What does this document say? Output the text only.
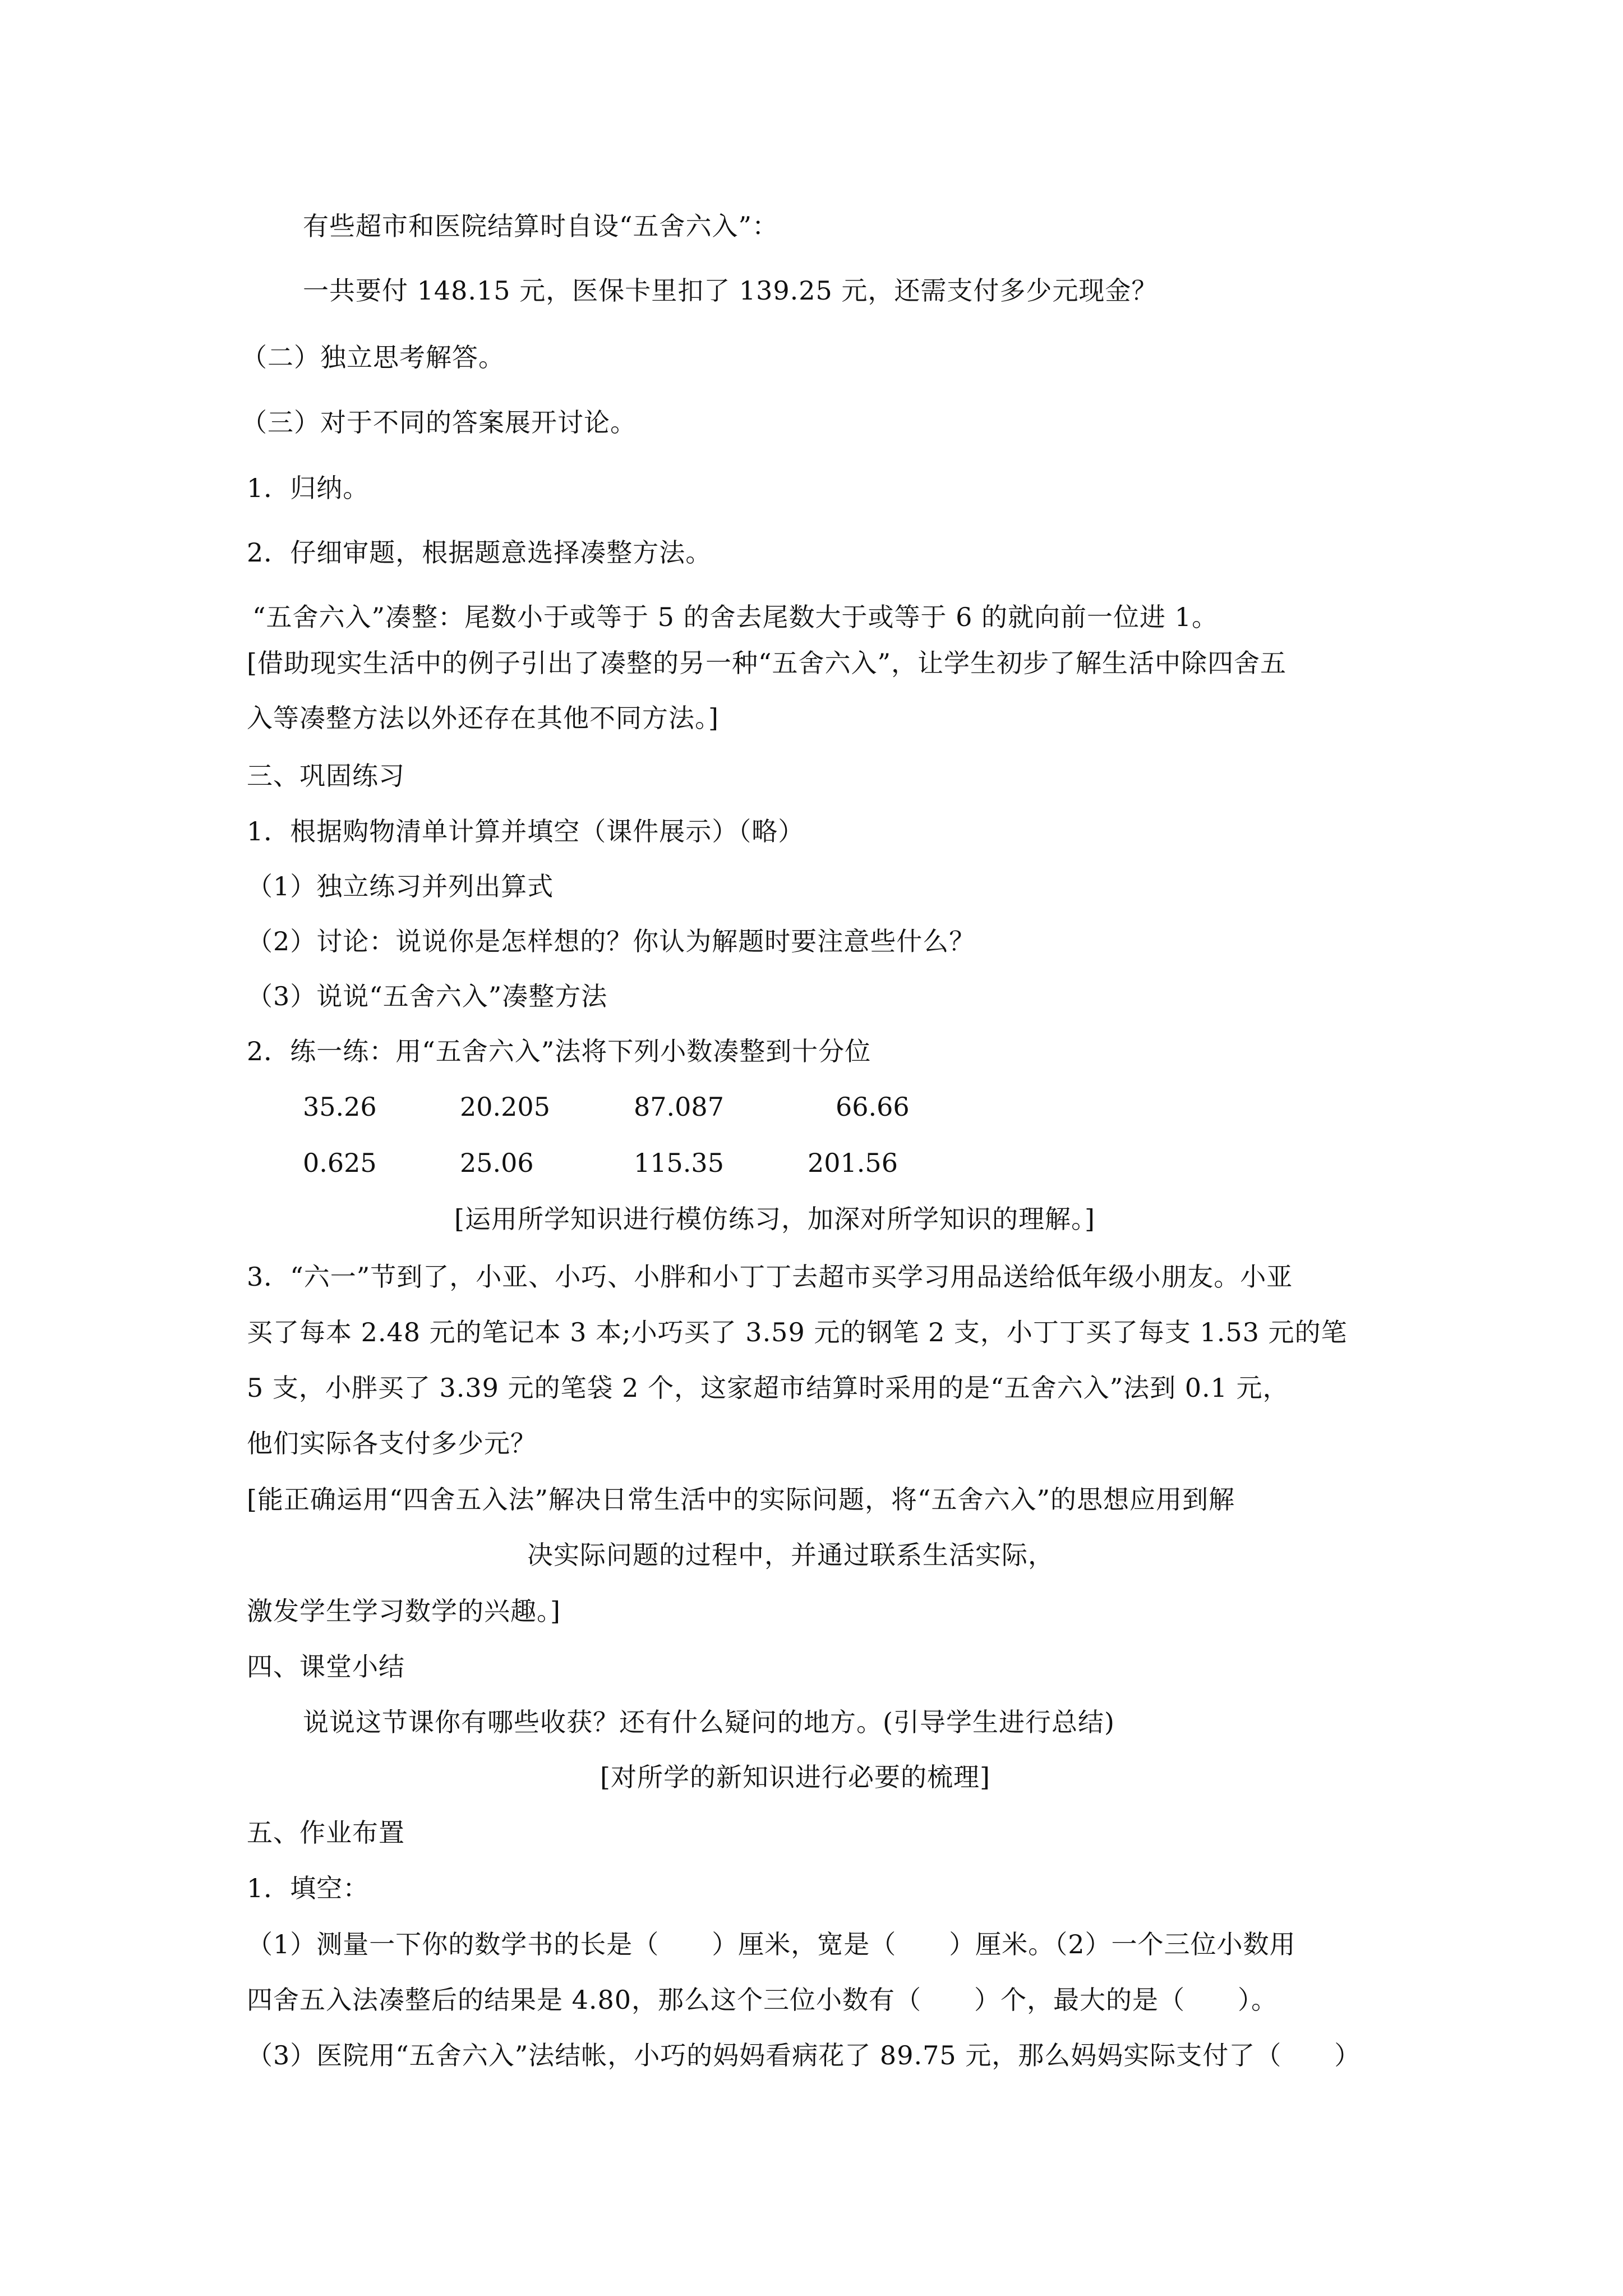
有些超市和医院结算时自设“五舍六入”：
一共要付 148.15 元，医保卡里扣了 139.25 元，还需支付多少元现金？
（二）独立思考解答。
（三）对于不同的答案展开讨论。
1．归纳。
2．仔细审题，根据题意选择凑整方法。
“五舍六入”凑整：尾数小于或等于 5 的舍去尾数大于或等于 6 的就向前一位进 1。
[借助现实生活中的例子引出了凑整的另一种“五舍六入”，让学生初步了解生活中除四舍五
入等凑整方法以外还存在其他不同方法。]
三、巩固练习
1．根据购物清单计算并填空（课件展示）（略）
（1）独立练习并列出算式
（2）讨论：说说你是怎样想的？你认为解题时要注意些什么？
（3）说说“五舍六入”凑整方法
2．练一练：用“五舍六入”法将下列小数凑整到十分位
35.26	20.205	87.087	66.66
0.625	25.06	115.35	201.56
[运用所学知识进行模仿练习，加深对所学知识的理解。]
3．“六一”节到了，小亚、小巧、小胖和小丁丁去超市买学习用品送给低年级小朋友。小亚
买了每本 2.48 元的笔记本 3 本;小巧买了 3.59 元的钢笔 2 支，小丁丁买了每支 1.53 元的笔
5 支，小胖买了 3.39 元的笔袋 2 个，这家超市结算时采用的是“五舍六入”法到 0.1 元，
他们实际各支付多少元？
[能正确运用“四舍五入法”解决日常生活中的实际问题，将“五舍六入”的思想应用到解
决实际问题的过程中，并通过联系生活实际，
激发学生学习数学的兴趣。]
四、课堂小结
说说这节课你有哪些收获？还有什么疑问的地方。(引导学生进行总结)
[对所学的新知识进行必要的梳理]
五、作业布置
1．填空：
（1）测量一下你的数学书的长是（　　）厘米，宽是（　　）厘米。（2）一个三位小数用
四舍五入法凑整后的结果是 4.80，那么这个三位小数有（　　）个，最大的是（　　）。
（3）医院用“五舍六入”法结帐，小巧的妈妈看病花了 89.75 元，那么妈妈实际支付了（　　）
